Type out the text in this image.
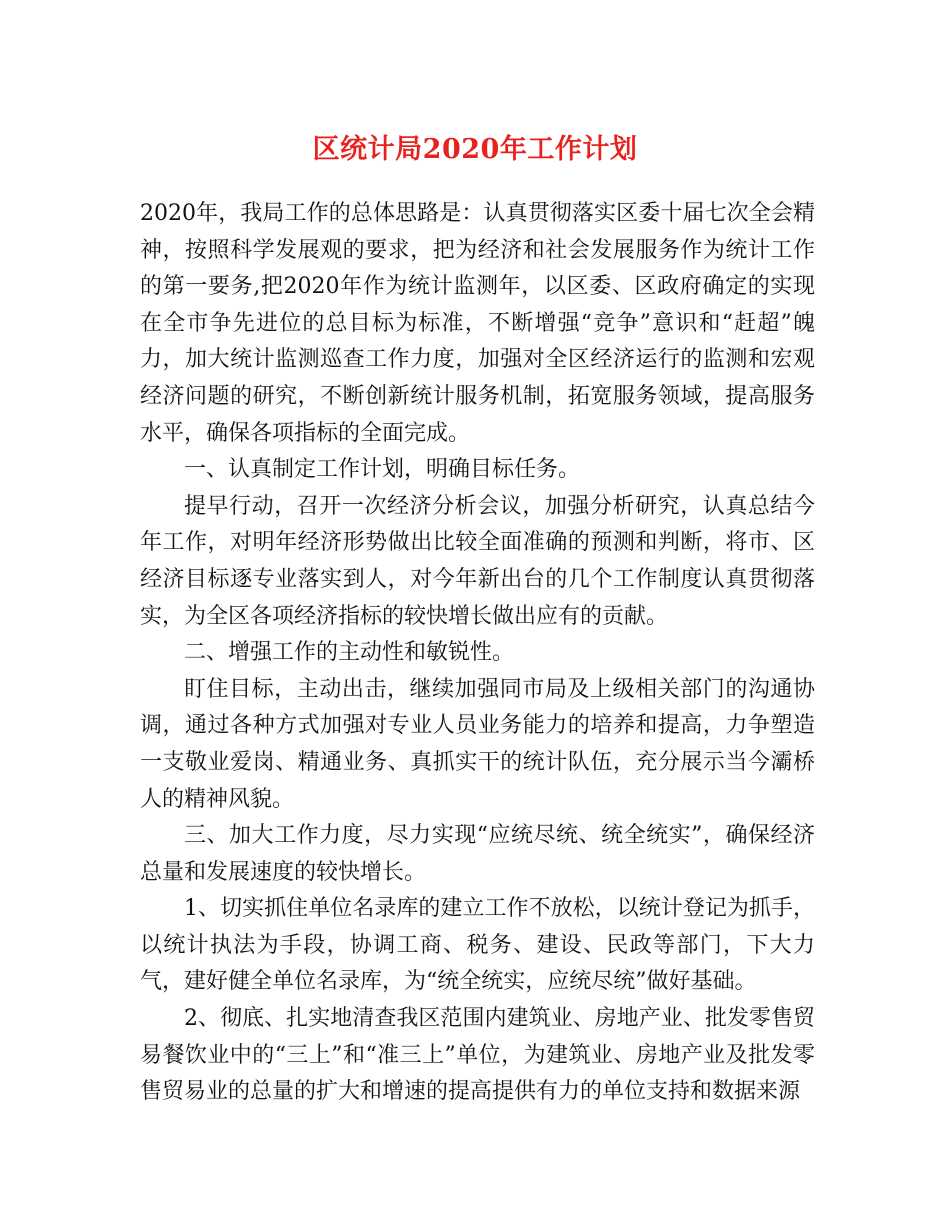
区统计局2020年工作计划

2020年，我局工作的总体思路是：认真贯彻落实区委十届七次全会精神，按照科学发展观的要求，把为经济和社会发展服务作为统计工作的第一要务,把2020年作为统计监测年，以区委、区政府确定的实现在全市争先进位的总目标为标准，不断增强“竞争”意识和“赶超”魄力，加大统计监测巡查工作力度，加强对全区经济运行的监测和宏观经济问题的研究，不断创新统计服务机制，拓宽服务领域，提高服务水平，确保各项指标的全面完成。

一、认真制定工作计划，明确目标任务。

提早行动，召开一次经济分析会议，加强分析研究，认真总结今年工作，对明年经济形势做出比较全面准确的预测和判断，将市、区经济目标逐专业落实到人，对今年新出台的几个工作制度认真贯彻落实，为全区各项经济指标的较快增长做出应有的贡献。

二、增强工作的主动性和敏锐性。

盯住目标，主动出击，继续加强同市局及上级相关部门的沟通协调，通过各种方式加强对专业人员业务能力的培养和提高，力争塑造一支敬业爱岗、精通业务、真抓实干的统计队伍，充分展示当今灞桥人的精神风貌。

三、加大工作力度，尽力实现“应统尽统、统全统实”，确保经济总量和发展速度的较快增长。

1、切实抓住单位名录库的建立工作不放松，以统计登记为抓手，以统计执法为手段，协调工商、税务、建设、民政等部门，下大力气，建好健全单位名录库，为“统全统实，应统尽统”做好基础。

2、彻底、扎实地清查我区范围内建筑业、房地产业、批发零售贸易餐饮业中的“三上”和“准三上”单位，为建筑业、房地产业及批发零售贸易业的总量的扩大和增速的提高提供有力的单位支持和数据来源
